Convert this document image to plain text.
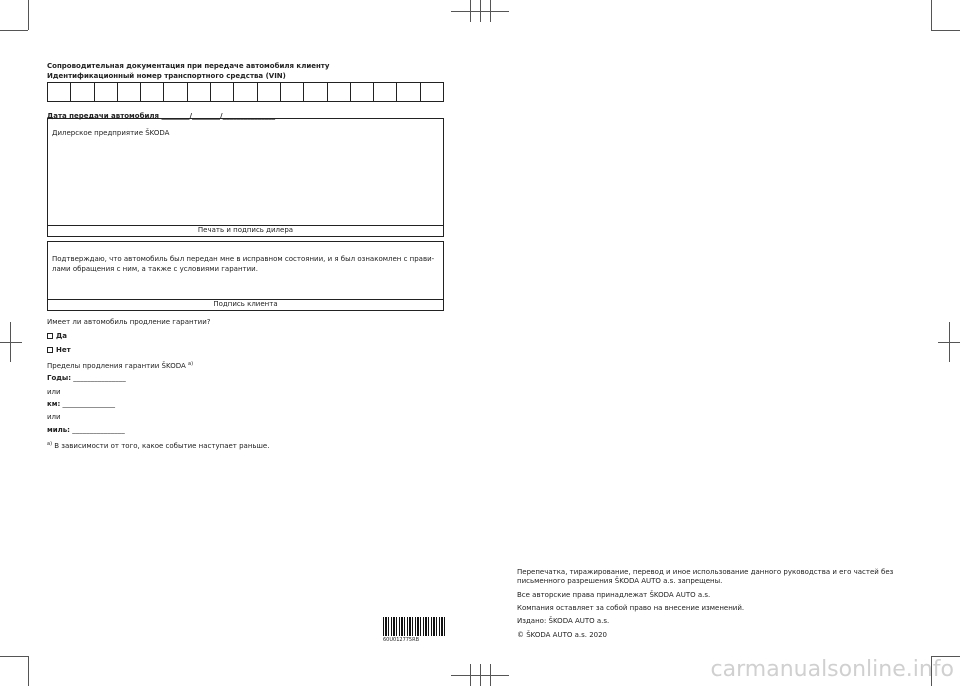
Сопроводительная документация при передаче автомобиля клиенту
Идентификационный номер транспортного средства (VIN)
Дата передачи автомобиля ________/________/_______________
Дилерское предприятие ŠKODA
Печать и подпись дилера
Подтверждаю, что автомобиль был передан мне в исправном состоянии, и я был ознакомлен с прави-лами обращения с ним, а также с условиями гарантии.
Подпись клиента
Имеет ли автомобиль продление гарантии?
Да
Нет
Пределы продления гарантии ŠKODA $^{a)}$
Годы: _______________
или
км: _______________
или
миль: _______________
$^{a)}$ В зависимости от того, какое событие наступает раньше.
60U012775RB
Перепечатка, тиражирование, перевод и иное использование данного руководства и его частей без письменного разрешения ŠKODA AUTO a.s. запрещены.
Все авторские права принадлежат ŠKODA AUTO a.s.
Компания оставляет за собой право на внесение изменений.
Издано: ŠKODA AUTO a.s.
© ŠKODA AUTO a.s. 2020
carmanualsonline.info
